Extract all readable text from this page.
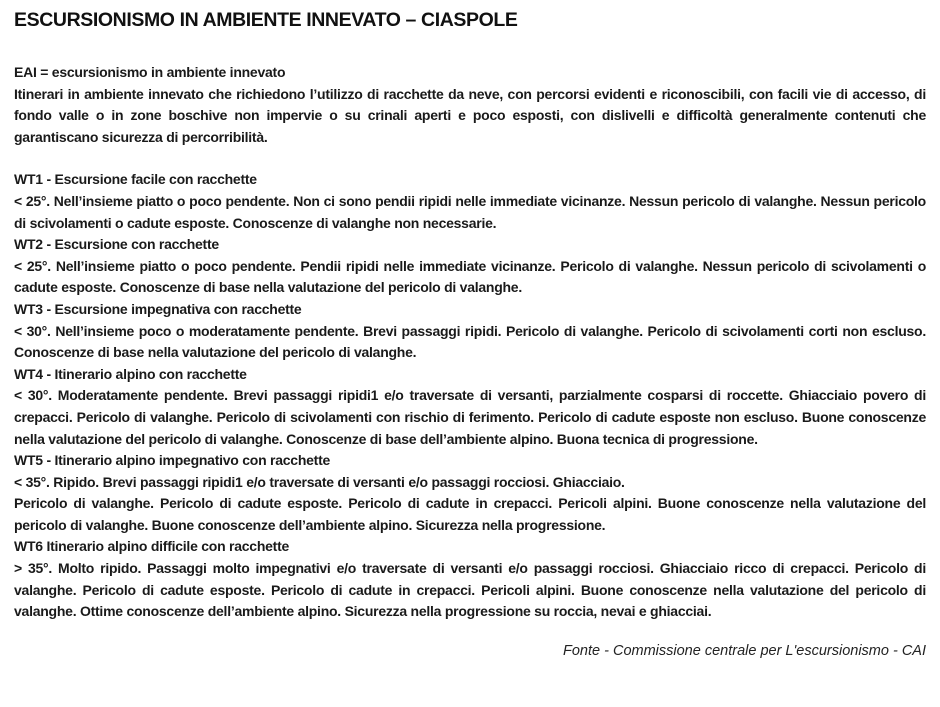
ESCURSIONISMO IN AMBIENTE INNEVATO – CIASPOLE

EAI = escursionismo in ambiente innevato

Itinerari in ambiente innevato che richiedono l’utilizzo di racchette da neve, con percorsi evidenti e riconoscibili, con facili vie di accesso, di fondo valle o in zone boschive non impervie o su crinali aperti e poco esposti, con dislivelli e difficoltà generalmente contenuti che garantiscano sicurezza di percorribilità.

WT1 - Escursione facile con racchette

< 25°. Nell’insieme piatto o poco pendente. Non ci sono pendii ripidi nelle immediate vicinanze. Nessun pericolo di valanghe. Nessun pericolo di scivolamenti o cadute esposte. Conoscenze di valanghe non necessarie.

WT2 - Escursione con racchette

< 25°. Nell’insieme piatto o poco pendente. Pendii ripidi nelle immediate vicinanze. Pericolo di valanghe. Nessun pericolo di scivolamenti o cadute esposte. Conoscenze di base nella valutazione del pericolo di valanghe.

WT3 - Escursione impegnativa con racchette

< 30°. Nell’insieme poco o moderatamente pendente. Brevi passaggi ripidi. Pericolo di valanghe. Pericolo di scivolamenti corti non escluso. Conoscenze di base nella valutazione del pericolo di valanghe.

WT4 - Itinerario alpino con racchette

< 30°. Moderatamente pendente. Brevi passaggi ripidi1 e/o traversate di versanti, parzialmente cosparsi di roccette. Ghiacciaio povero di crepacci. Pericolo di valanghe. Pericolo di scivolamenti con rischio di ferimento. Pericolo di cadute esposte non escluso. Buone conoscenze nella valutazione del pericolo di valanghe. Conoscenze di base dell’ambiente alpino. Buona tecnica di progressione.

WT5 - Itinerario alpino impegnativo con racchette

< 35°. Ripido. Brevi passaggi ripidi1 e/o traversate di versanti e/o passaggi rocciosi. Ghiacciaio.

Pericolo di valanghe. Pericolo di cadute esposte. Pericolo di cadute in crepacci. Pericoli alpini. Buone conoscenze nella valutazione del pericolo di valanghe. Buone conoscenze dell’ambiente alpino. Sicurezza nella progressione.

WT6 Itinerario alpino difficile con racchette

> 35°. Molto ripido. Passaggi molto impegnativi e/o traversate di versanti e/o passaggi rocciosi. Ghiacciaio ricco di crepacci. Pericolo di valanghe. Pericolo di cadute esposte. Pericolo di cadute in crepacci. Pericoli alpini. Buone conoscenze nella valutazione del pericolo di valanghe. Ottime conoscenze dell’ambiente alpino. Sicurezza nella progressione su roccia, nevai e ghiacciai.

Fonte - Commissione centrale per L'escursionismo - CAI
